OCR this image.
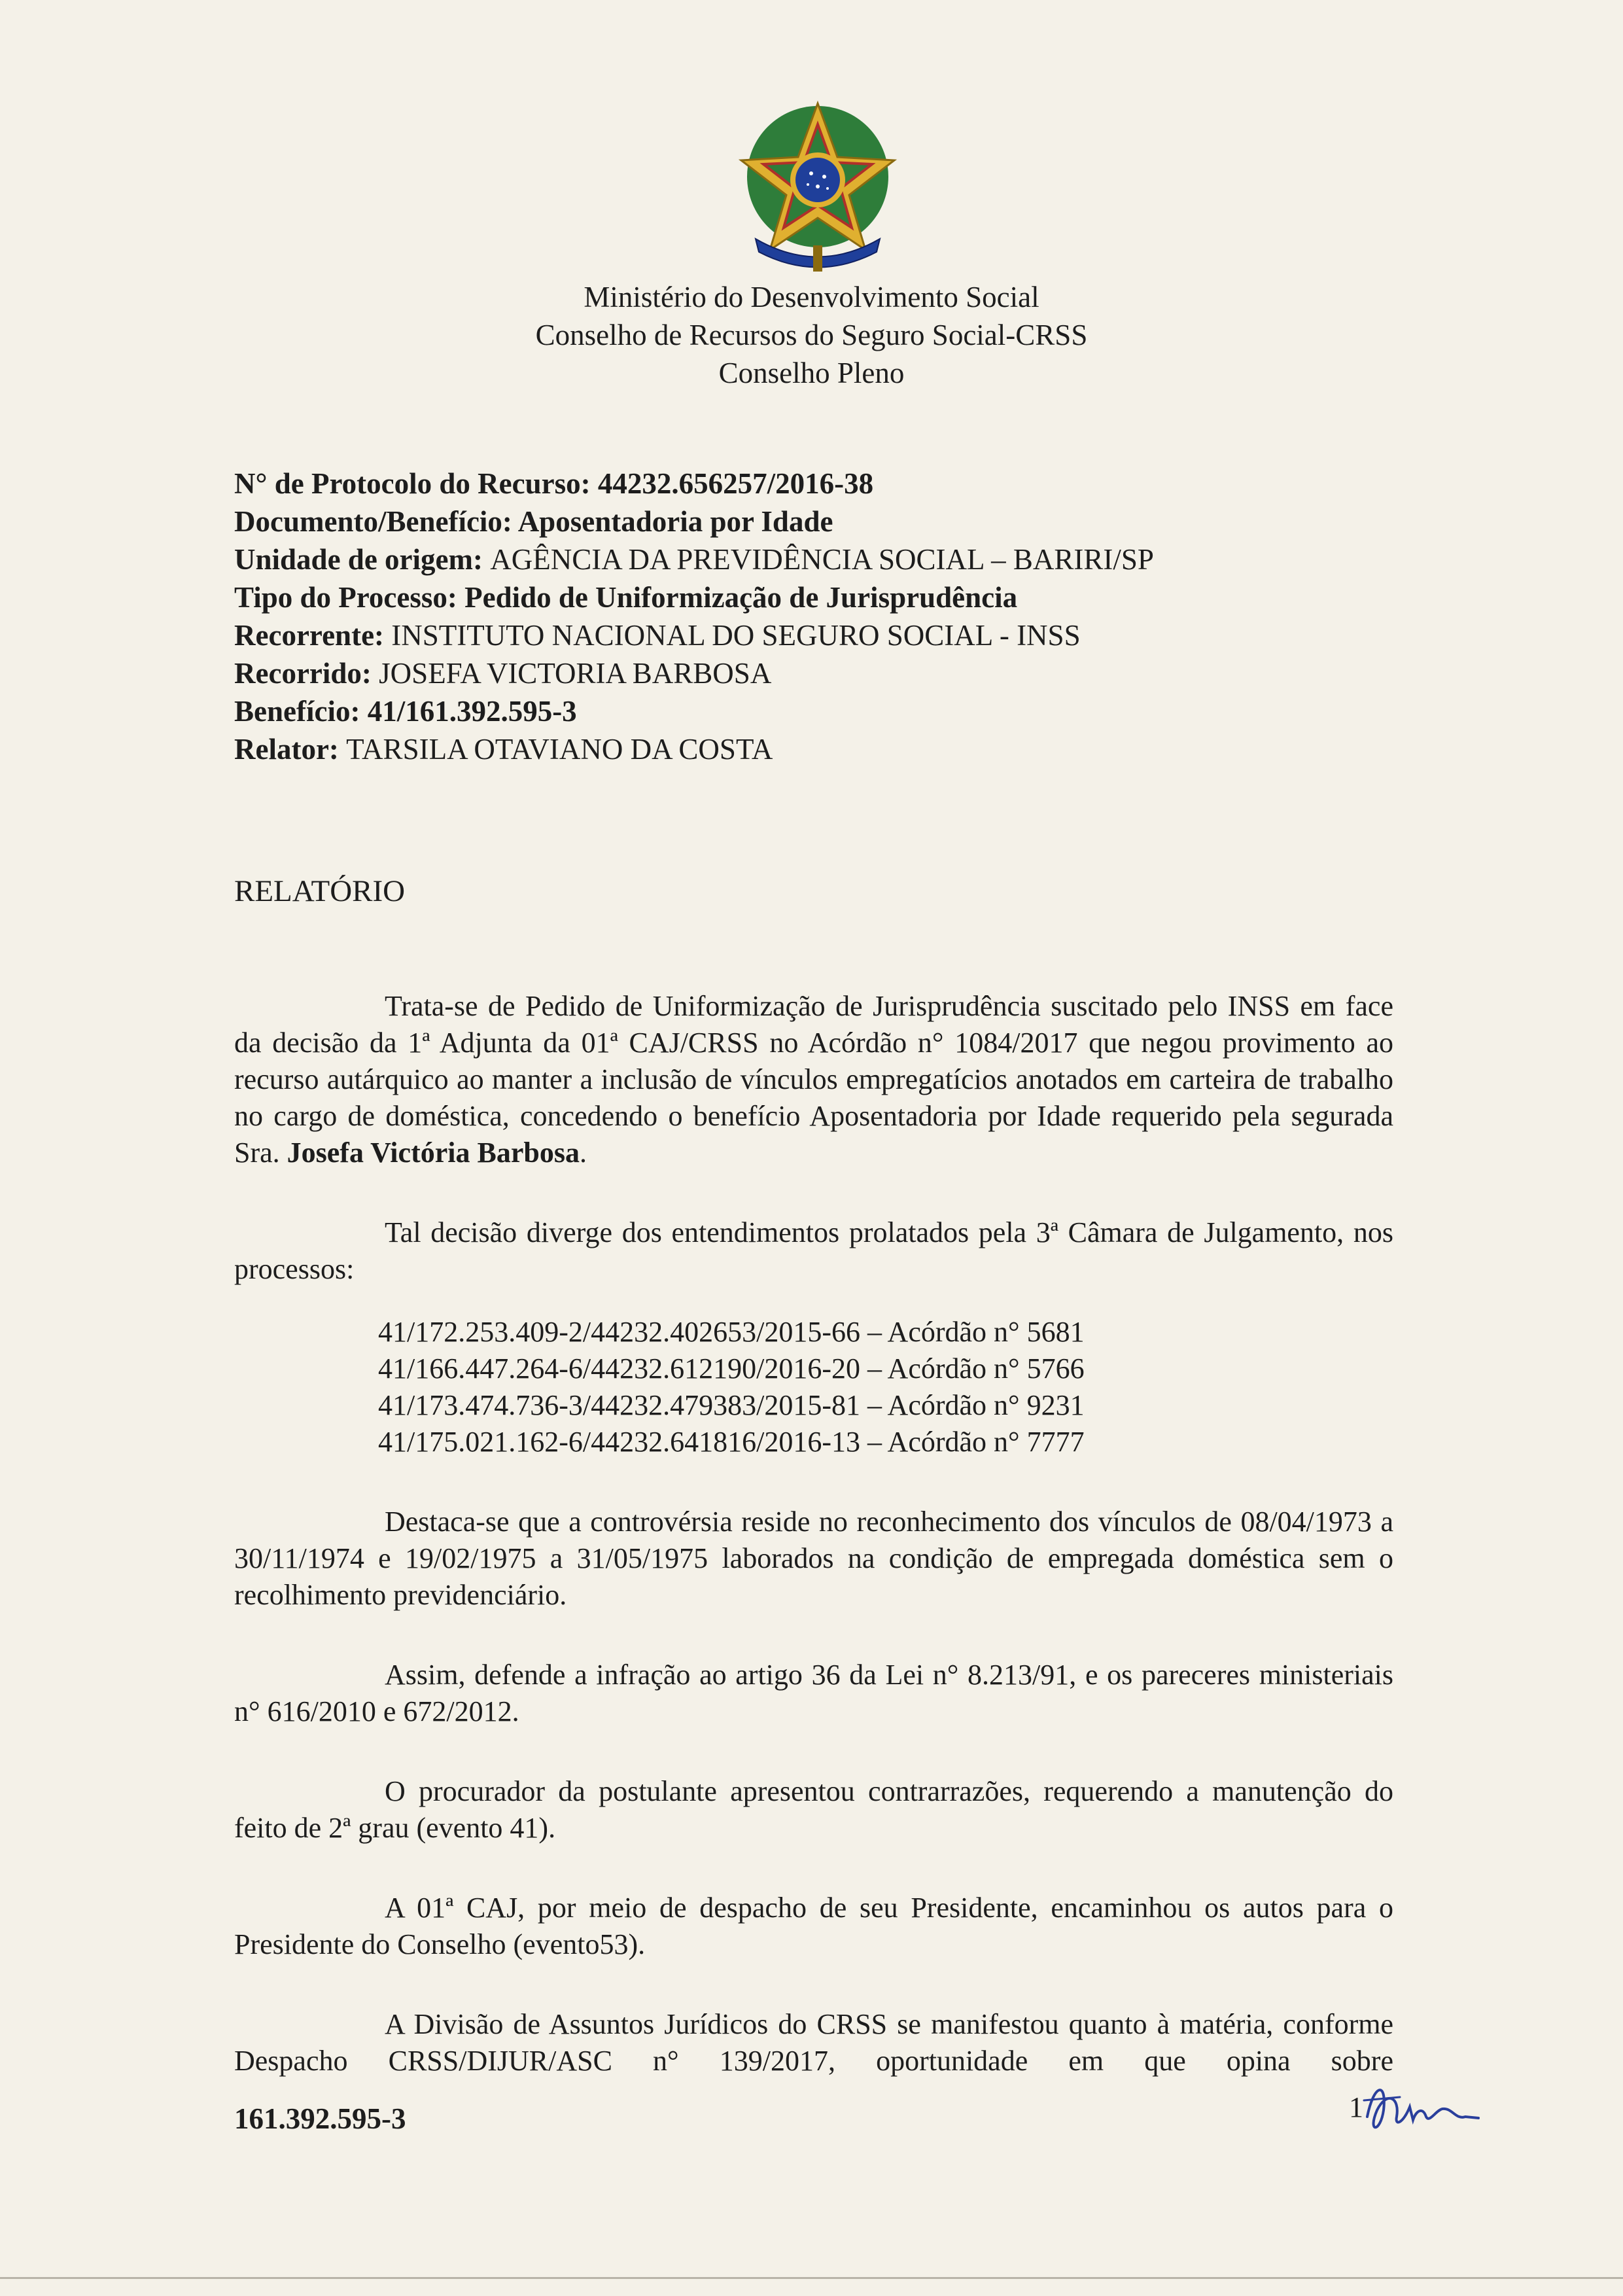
Ministério do Desenvolvimento Social
Conselho de Recursos do Seguro Social-CRSS
Conselho Pleno
N° de Protocolo do Recurso: 44232.656257/2016-38
Documento/Benefício: Aposentadoria por Idade
Unidade de origem: AGÊNCIA DA PREVIDÊNCIA SOCIAL – BARIRI/SP
Tipo do Processo: Pedido de Uniformização de Jurisprudência
Recorrente: INSTITUTO NACIONAL DO SEGURO SOCIAL - INSS
Recorrido: JOSEFA VICTORIA BARBOSA
Benefício: 41/161.392.595-3
Relator: TARSILA OTAVIANO DA COSTA
RELATÓRIO

Trata-se de Pedido de Uniformização de Jurisprudência suscitado pelo INSS em face da decisão da 1ª Adjunta da 01ª CAJ/CRSS no Acórdão n° 1084/2017 que negou provimento ao recurso autárquico ao manter a inclusão de vínculos empregatícios anotados em carteira de trabalho no cargo de doméstica, concedendo o benefício Aposentadoria por Idade requerido pela segurada Sra. Josefa Victória Barbosa.

Tal decisão diverge dos entendimentos prolatados pela 3ª Câmara de Julgamento, nos processos:

41/172.253.409-2/44232.402653/2015-66 – Acórdão n° 5681
41/166.447.264-6/44232.612190/2016-20 – Acórdão n° 5766
41/173.474.736-3/44232.479383/2015-81 – Acórdão n° 9231
41/175.021.162-6/44232.641816/2016-13 – Acórdão n° 7777

Destaca-se que a controvérsia reside no reconhecimento dos vínculos de 08/04/1973 a 30/11/1974 e 19/02/1975 a 31/05/1975 laborados na condição de empregada doméstica sem o recolhimento previdenciário.

Assim, defende a infração ao artigo 36 da Lei n° 8.213/91, e os pareceres ministeriais n° 616/2010 e 672/2012.

O procurador da postulante apresentou contrarrazões, requerendo a manutenção do feito de 2ª grau (evento 41).

A 01ª CAJ, por meio de despacho de seu Presidente, encaminhou os autos para o Presidente do Conselho (evento53).

A Divisão de Assuntos Jurídicos do CRSS se manifestou quanto à matéria, conforme Despacho CRSS/DIJUR/ASC n° 139/2017, oportunidade em que opina sobre

161.392.595-3	1
